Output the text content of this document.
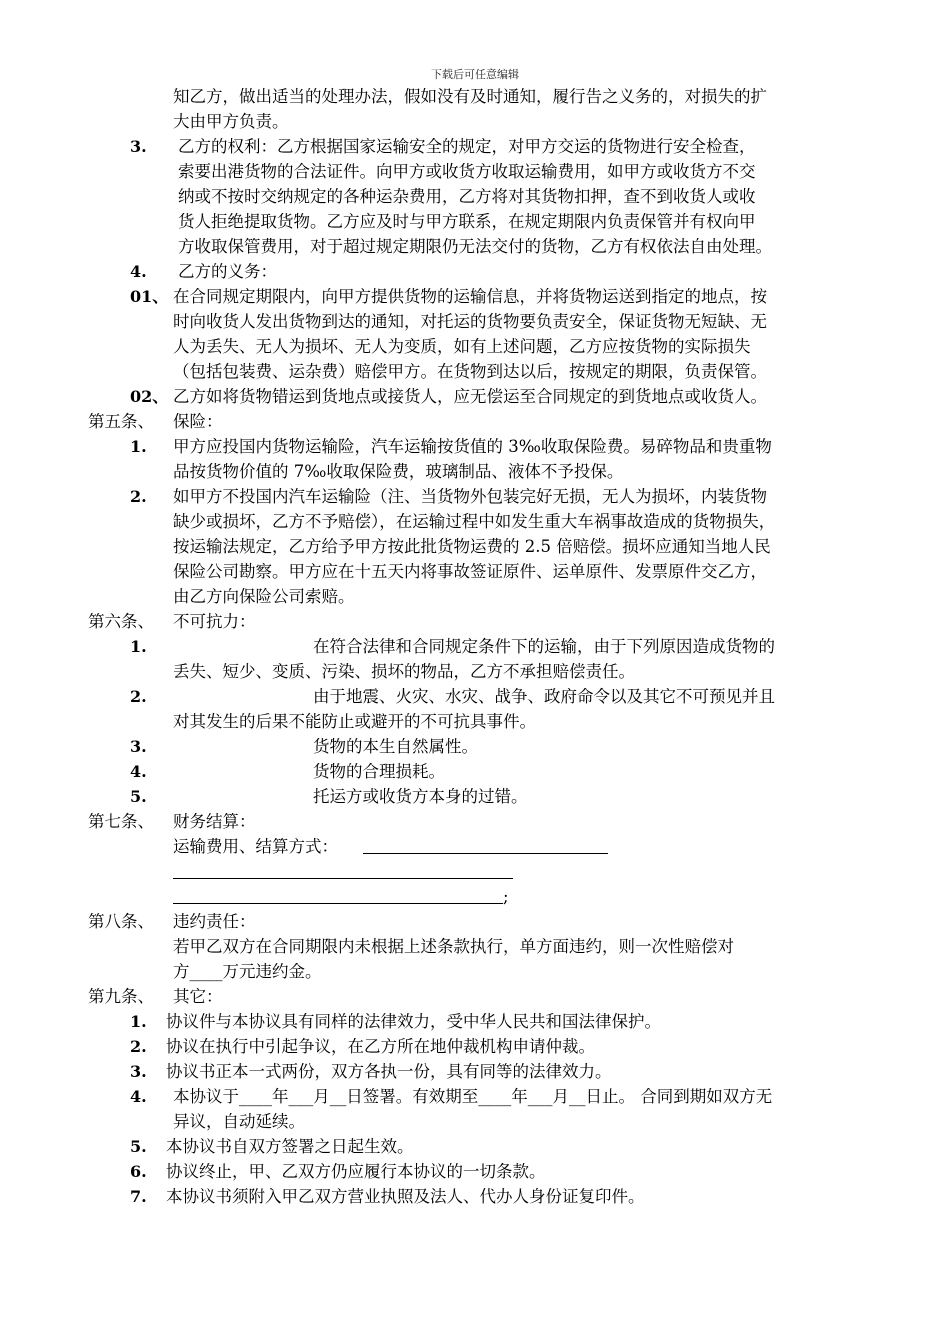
下载后可任意编辑
知乙方，做出适当的处理办法，假如没有及时通知，履行告之义务的，对损失的扩
大由甲方负责。
乙方的权利：乙方根据国家运输安全的规定，对甲方交运的货物进行安全检查，
索要出港货物的合法证件。向甲方或收货方收取运输费用，如甲方或收货方不交
纳或不按时交纳规定的各种运杂费用，乙方将对其货物扣押，查不到收货人或收
货人拒绝提取货物。乙方应及时与甲方联系，在规定期限内负责保管并有权向甲
方收取保管费用，对于超过规定期限仍无法交付的货物，乙方有权依法自由处理。
乙方的义务：
在合同规定期限内，向甲方提供货物的运输信息，并将货物运送到指定的地点，按
时向收货人发出货物到达的通知，对托运的货物要负责安全，保证货物无短缺、无
人为丢失、无人为损坏、无人为变质，如有上述问题，乙方应按货物的实际损失
（包括包装费、运杂费）赔偿甲方。在货物到达以后，按规定的期限，负责保管。
乙方如将货物错运到货地点或接货人，应无偿运至合同规定的到货地点或收货人。
保险：
甲方应投国内货物运输险，汽车运输按货值的 3‰收取保险费。易碎物品和贵重物
品按货物价值的 7‰收取保险费，玻璃制品、液体不予投保。
如甲方不投国内汽车运输险（注、当货物外包装完好无损，无人为损坏，内装货物
缺少或损坏，乙方不予赔偿），在运输过程中如发生重大车祸事故造成的货物损失，
按运输法规定，乙方给予甲方按此批货物运费的 2.5 倍赔偿。损坏应通知当地人民
保险公司勘察。甲方应在十五天内将事故签证原件、运单原件、发票原件交乙方，
由乙方向保险公司索赔。
不可抗力：
在符合法律和合同规定条件下的运输，由于下列原因造成货物的
丢失、短少、变质、污染、损坏的物品，乙方不承担赔偿责任。
由于地震、火灾、水灾、战争、政府命令以及其它不可预见并且
对其发生的后果不能防止或避开的不可抗具事件。
货物的本生自然属性。
货物的合理损耗。
托运方或收货方本身的过错。
财务结算：
运输费用、结算方式：
;
违约责任：
若甲乙双方在合同期限内未根据上述条款执行，单方面违约，则一次性赔偿对
方____万元违约金。
其它：
协议件与本协议具有同样的法律效力，受中华人民共和国法律保护。
协议在执行中引起争议，在乙方所在地仲裁机构申请仲裁。
协议书正本一式两份，双方各执一份，具有同等的法律效力。
本协议于____年___月__日签署。有效期至____年___月__日止。 合同到期如双方无
异议，自动延续。
本协议书自双方签署之日起生效。
协议终止，甲、乙双方仍应履行本协议的一切条款。
本协议书须附入甲乙双方营业执照及法人、代办人身份证复印件。
3.
4.
01、
02、
1.
2.
1.
2.
3.
4.
5.
1.
2.
3.
4.
5.
6.
7.
第五条、
第六条、
第七条、
第八条、
第九条、
